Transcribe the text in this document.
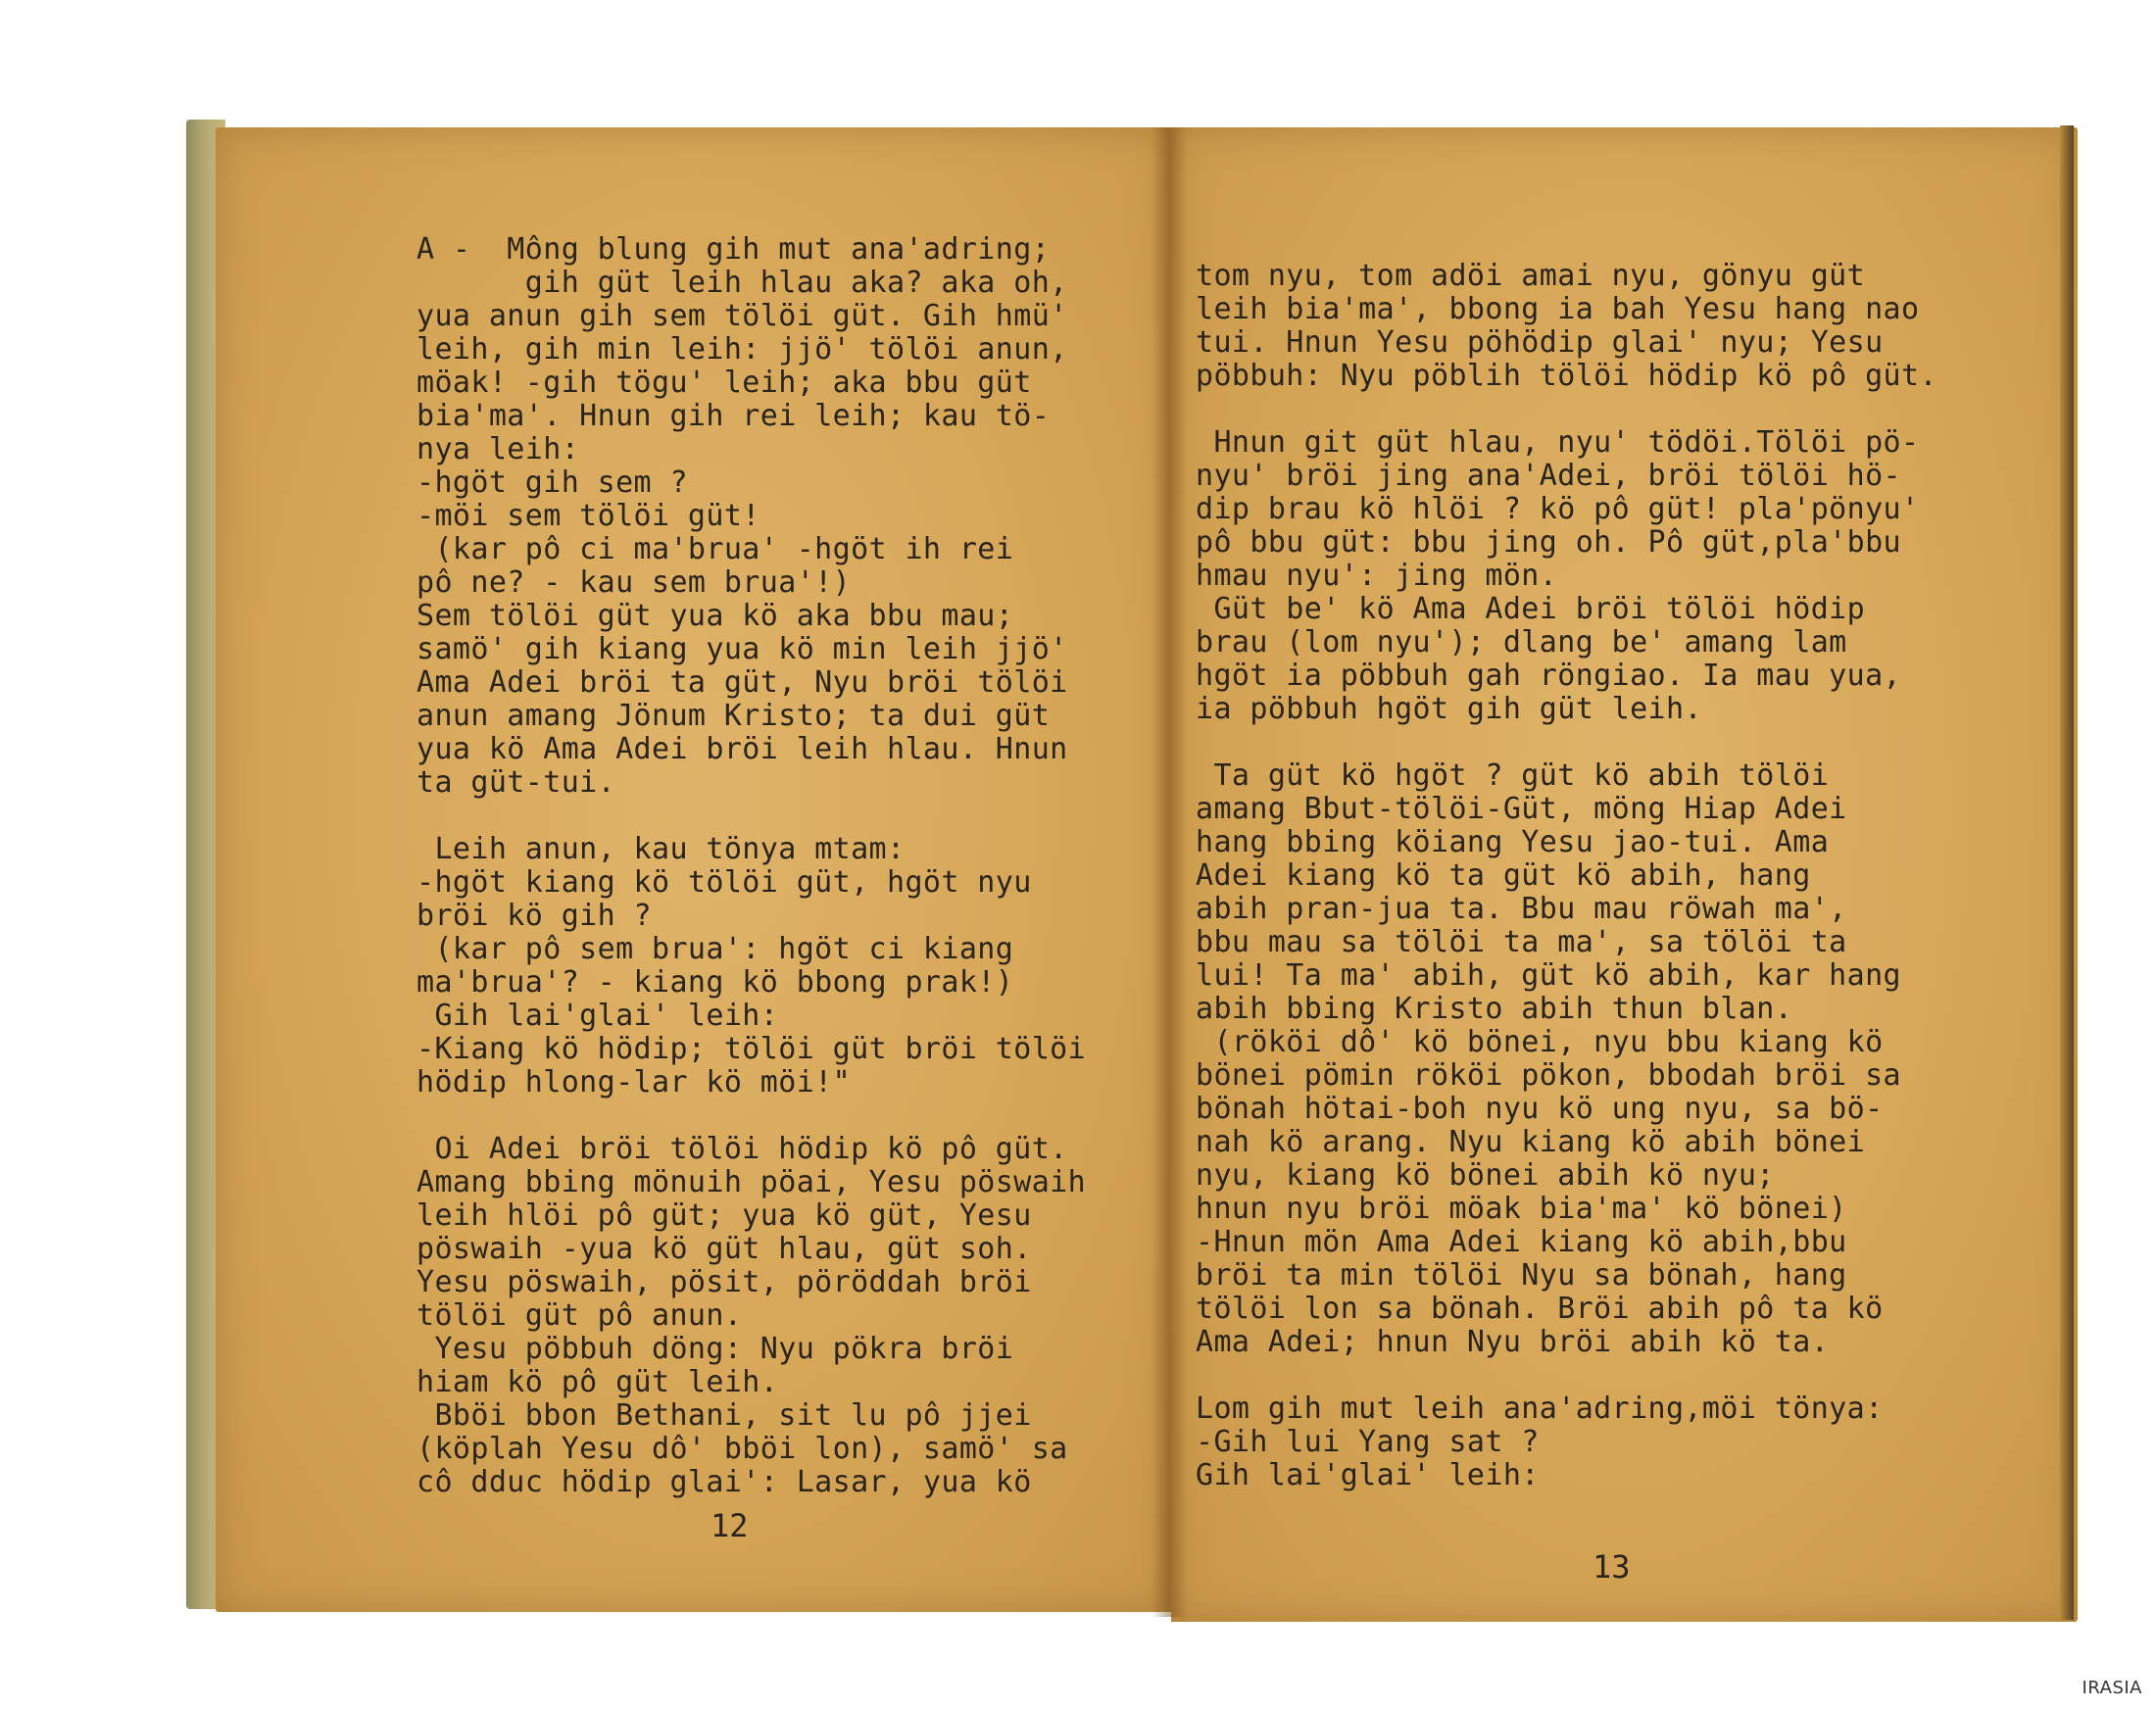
A -  Mông blung gih mut ana'adring;
gih güt leih hlau aka? aka oh,
yua anun gih sem tölöi güt. Gih hmü'
leih, gih min leih: jjö' tölöi anun,
möak! -gih tögu' leih; aka bbu güt
bia'ma'. Hnun gih rei leih; kau tö-
nya leih:
-hgöt gih sem ?
-möi sem tölöi güt!
(kar pô ci ma'brua' -hgöt ih rei
pô ne? - kau sem brua'!)
Sem tölöi güt yua kö aka bbu mau;
samö' gih kiang yua kö min leih jjö'
Ama Adei bröi ta güt, Nyu bröi tölöi
anun amang Jönum Kristo; ta dui güt
yua kö Ama Adei bröi leih hlau. Hnun
ta güt-tui.
Leih anun, kau tönya mtam:
-hgöt kiang kö tölöi güt, hgöt nyu
bröi kö gih ?
(kar pô sem brua': hgöt ci kiang
ma'brua'? - kiang kö bbong prak!)
Gih lai'glai' leih:
-Kiang kö hödip; tölöi güt bröi tölöi
hödip hlong-lar kö möi!"
Oi Adei bröi tölöi hödip kö pô güt.
Amang bbing mönuih pöai, Yesu pöswaih
leih hlöi pô güt; yua kö güt, Yesu
pöswaih -yua kö güt hlau, güt soh.
Yesu pöswaih, pösit, pöröddah bröi
tölöi güt pô anun.
Yesu pöbbuh döng: Nyu pökra bröi
hiam kö pô güt leih.
Bböi bbon Bethani, sit lu pô jjei
(köplah Yesu dô' bböi lon), samö' sa
cô dduc hödip glai': Lasar, yua kö
tom nyu, tom adöi amai nyu, gönyu güt
leih bia'ma', bbong ia bah Yesu hang nao
tui. Hnun Yesu pöhödip glai' nyu; Yesu
pöbbuh: Nyu pöblih tölöi hödip kö pô güt.
Hnun git güt hlau, nyu' tödöi.Tölöi pö-
nyu' bröi jing ana'Adei, bröi tölöi hö-
dip brau kö hlöi ? kö pô güt! pla'pönyu'
pô bbu güt: bbu jing oh. Pô güt,pla'bbu
hmau nyu': jing mön.
Güt be' kö Ama Adei bröi tölöi hödip
brau (lom nyu'); dlang be' amang lam
hgöt ia pöbbuh gah röngiao. Ia mau yua,
ia pöbbuh hgöt gih güt leih.
Ta güt kö hgöt ? güt kö abih tölöi
amang Bbut-tölöi-Güt, möng Hiap Adei
hang bbing köiang Yesu jao-tui. Ama
Adei kiang kö ta güt kö abih, hang
abih pran-jua ta. Bbu mau röwah ma',
bbu mau sa tölöi ta ma', sa tölöi ta
lui! Ta ma' abih, güt kö abih, kar hang
abih bbing Kristo abih thun blan.
(rököi dô' kö bönei, nyu bbu kiang kö
bönei pömin rököi pökon, bbodah bröi sa
bönah hötai-boh nyu kö ung nyu, sa bö-
nah kö arang. Nyu kiang kö abih bönei
nyu, kiang kö bönei abih kö nyu;
hnun nyu bröi möak bia'ma' kö bönei)
-Hnun mön Ama Adei kiang kö abih,bbu
bröi ta min tölöi Nyu sa bönah, hang
tölöi lon sa bönah. Bröi abih pô ta kö
Ama Adei; hnun Nyu bröi abih kö ta.
Lom gih mut leih ana'adring,möi tönya:
-Gih lui Yang sat ?
Gih lai'glai' leih:
12
13
IRASIA
